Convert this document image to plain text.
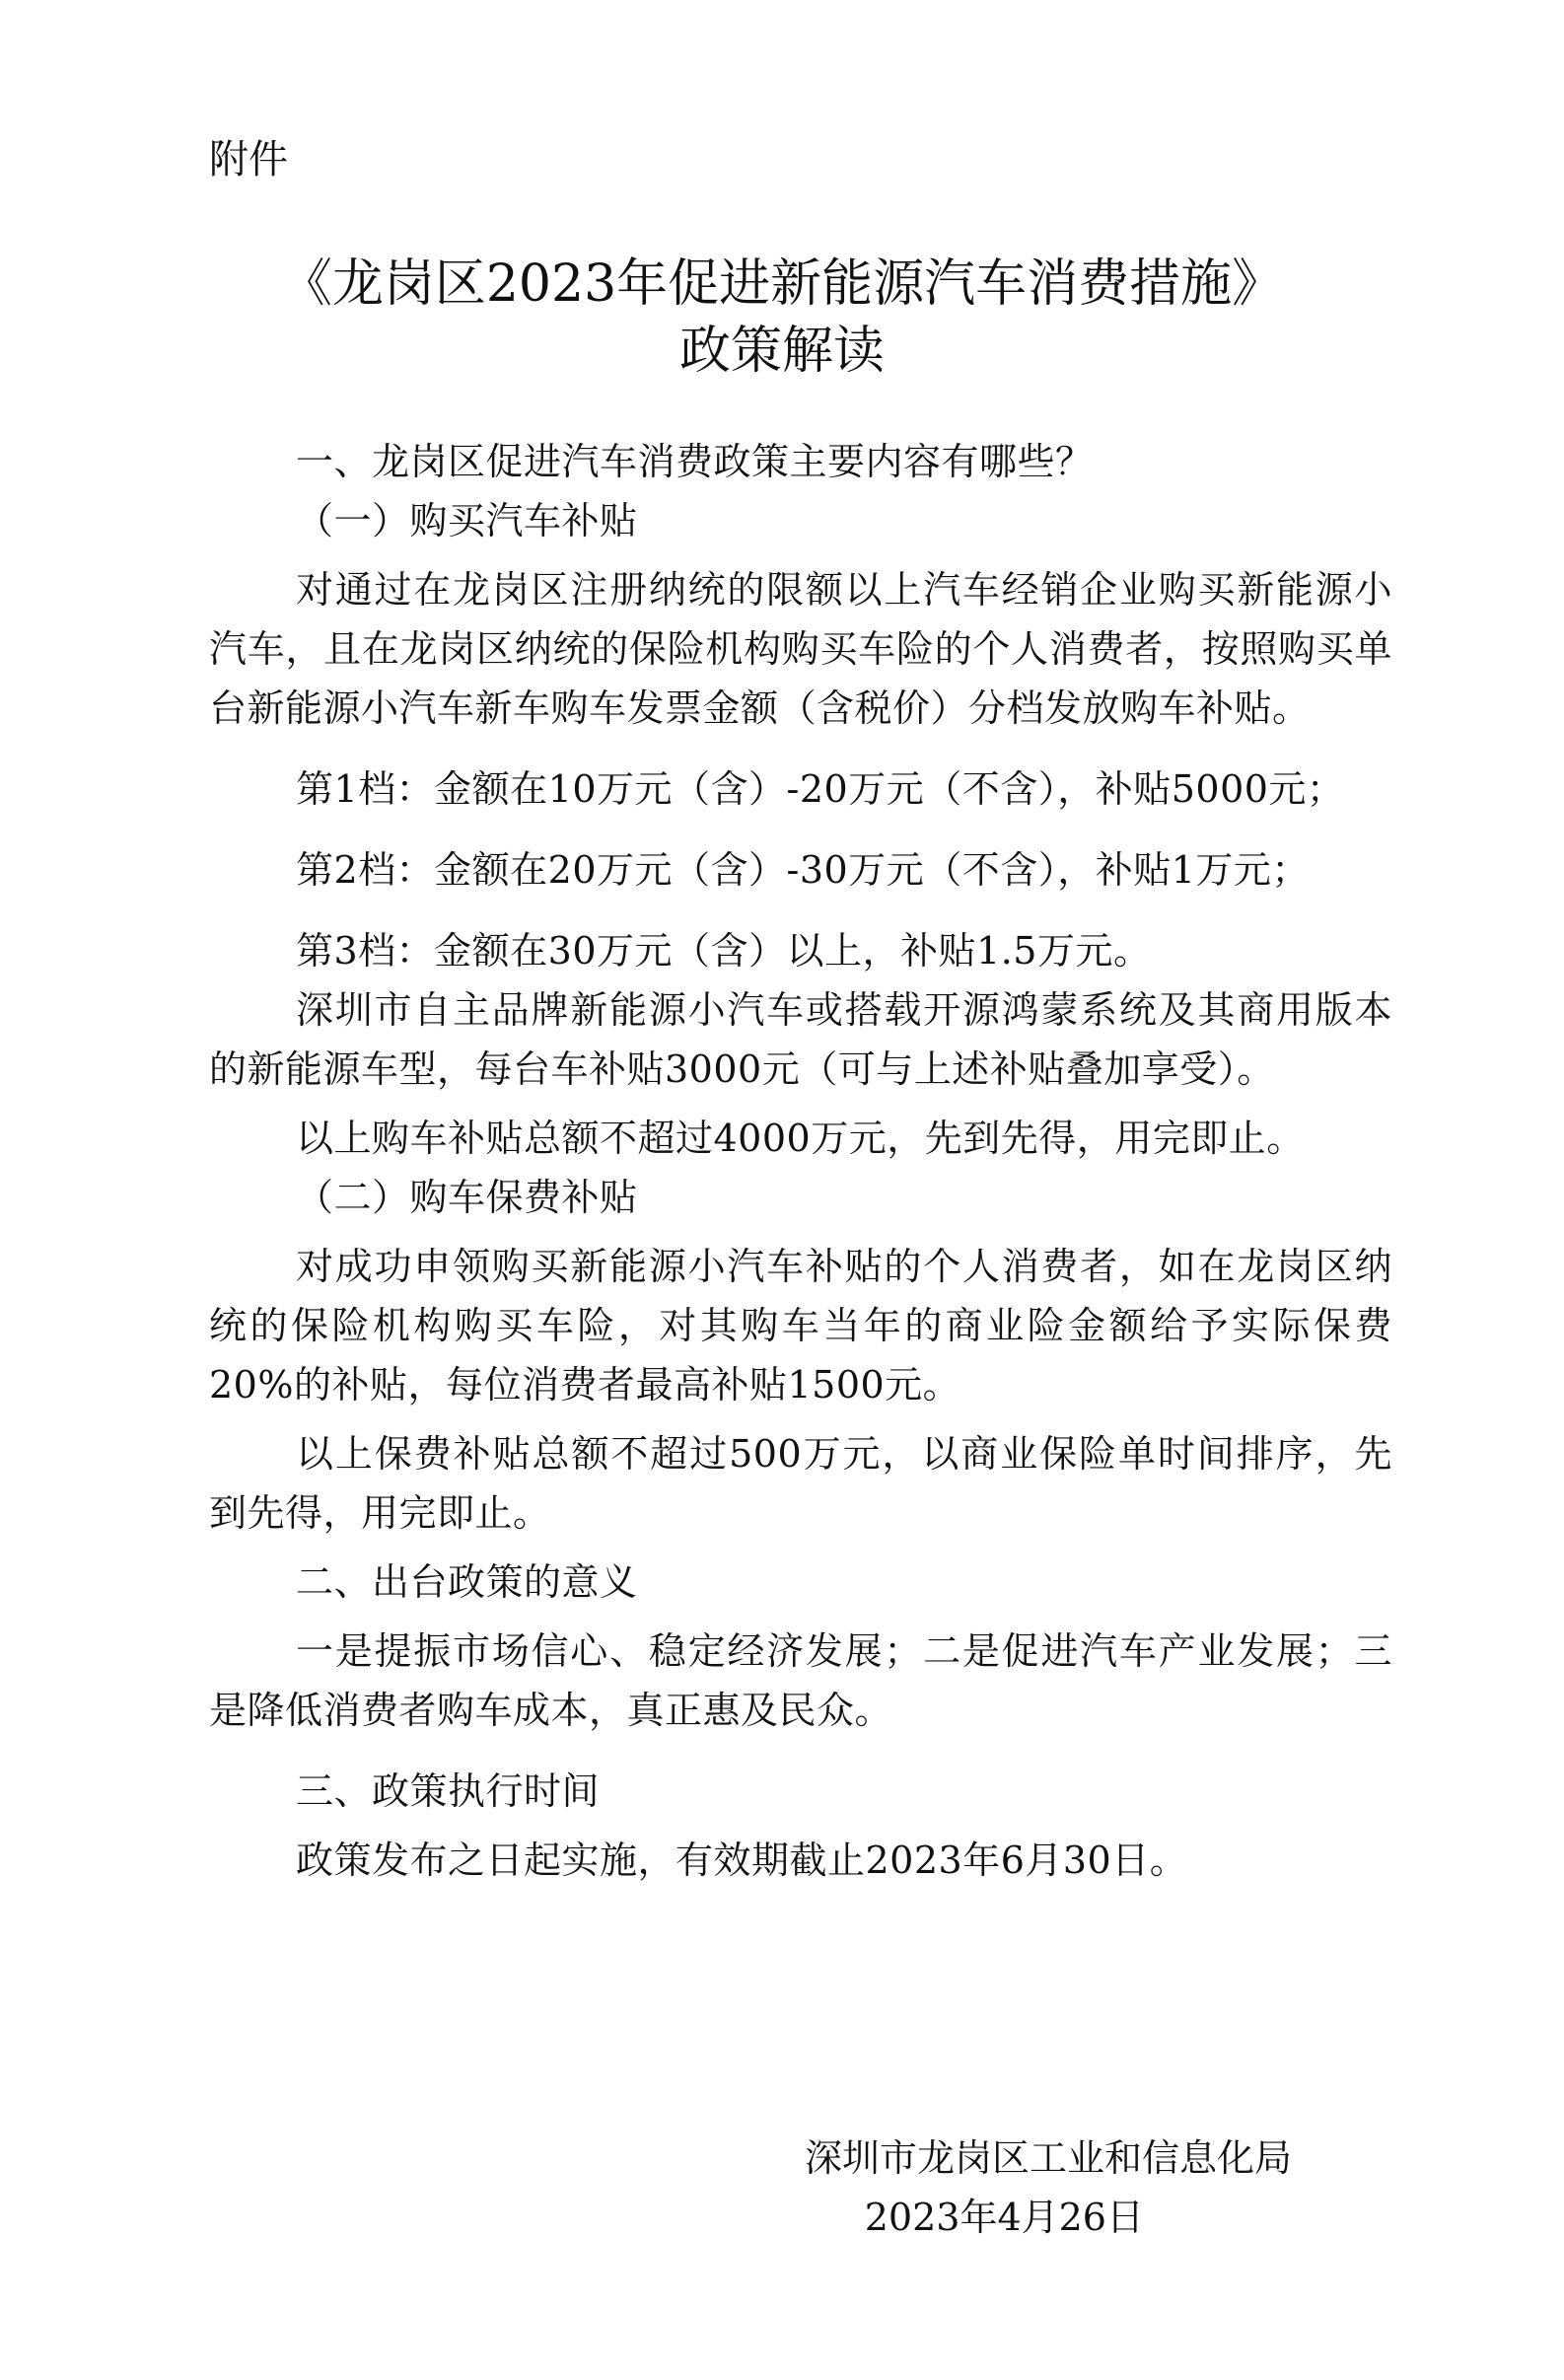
附件

《龙岗区2023年促进新能源汽车消费措施》
政策解读

一、龙岗区促进汽车消费政策主要内容有哪些？

（一）购买汽车补贴

对通过在龙岗区注册纳统的限额以上汽车经销企业购买新能源小汽车，且在龙岗区纳统的保险机构购买车险的个人消费者，按照购买单台新能源小汽车新车购车发票金额（含税价）分档发放购车补贴。

第1档：金额在10万元（含）-20万元（不含），补贴5000元；

第2档：金额在20万元（含）-30万元（不含），补贴1万元；

第3档：金额在30万元（含）以上，补贴1.5万元。

深圳市自主品牌新能源小汽车或搭载开源鸿蒙系统及其商用版本的新能源车型，每台车补贴3000元（可与上述补贴叠加享受）。

以上购车补贴总额不超过4000万元，先到先得，用完即止。

（二）购车保费补贴

对成功申领购买新能源小汽车补贴的个人消费者，如在龙岗区纳统的保险机构购买车险，对其购车当年的商业险金额给予实际保费20%的补贴，每位消费者最高补贴1500元。

以上保费补贴总额不超过500万元，以商业保险单时间排序，先到先得，用完即止。

二、出台政策的意义

一是提振市场信心、稳定经济发展；二是促进汽车产业发展；三是降低消费者购车成本，真正惠及民众。

三、政策执行时间

政策发布之日起实施，有效期截止2023年6月30日。

深圳市龙岗区工业和信息化局
2023年4月26日
